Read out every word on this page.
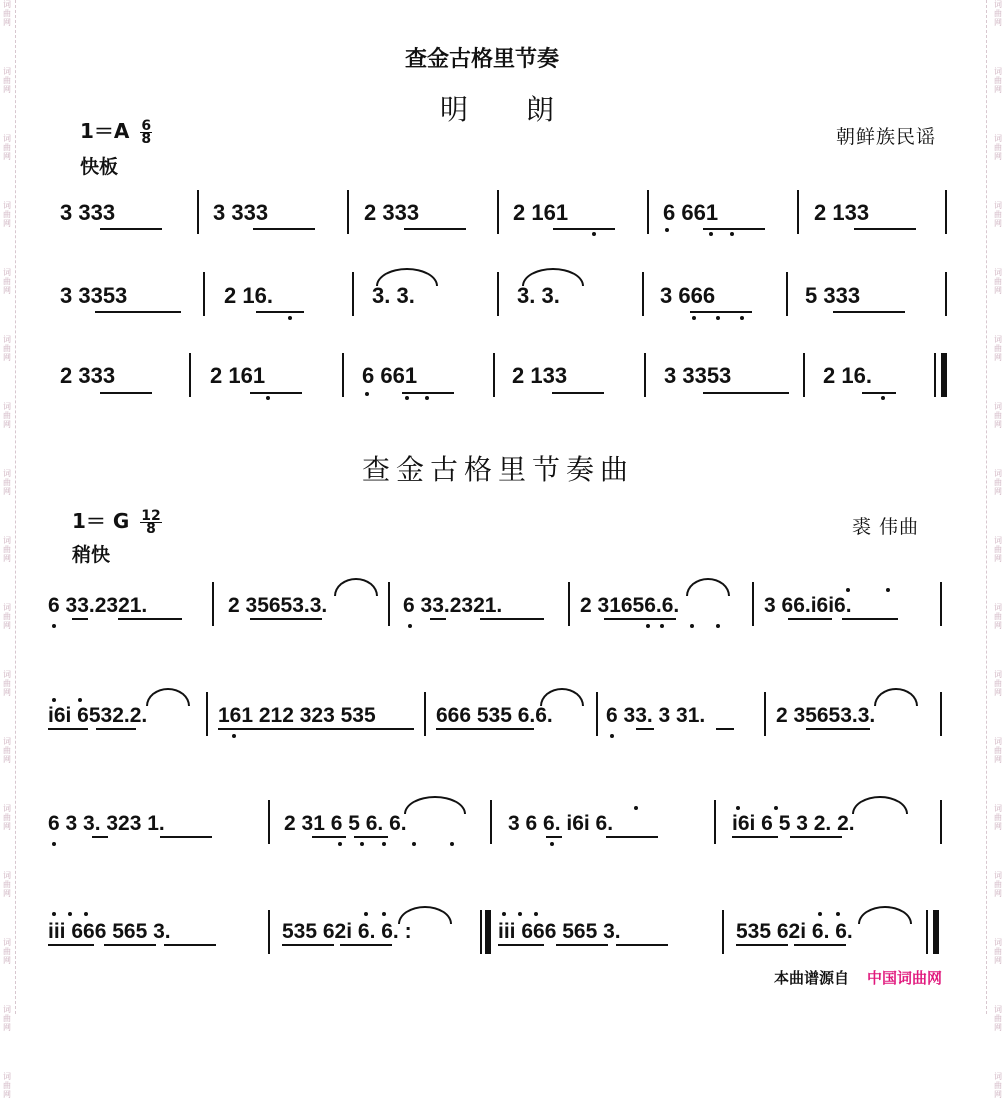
词
曲
网
词
曲
网
词
曲
网
词
曲
网
词
曲
网
词
曲
网
词
曲
网
词
曲
网
词
曲
网
词
曲
网
词
曲
网
词
曲
网
词
曲
网
词
曲
网
词
曲
网
词
曲
网
词
曲
网
词
曲
网
词
曲
网
词
曲
网
词
曲
网
词
曲
网
词
曲
网
词
曲
网
词
曲
网
词
曲
网
词
曲
网
词
曲
网
词
曲
网
词
曲
网
词
曲
网
词
曲
网
词
曲
网
词
曲
网
查金古格里节奏
明朗
$1=A \frac{6}{8}$
快板
朝鲜族民谣
3 333	3 333	2 333	2 161	6 661	2 133
3 3353	2 16.	3. 3.	3. 3.	3 666	5 333
2 333	2 161	6 661	2 133	3 3353	2 16.
查金古格里节奏曲
1＝ G $\frac{12}{8}$
稍快
裘 伟曲
6 33.2321.	2 35653.3.	6 33.2321.	2 31656.6.	3 66.i6i6.
i6i 6532.2.	161 212 323 535	666 535 6.6.	6 33. 3 31.	2 35653.3.
6 3 3. 323 1.	2 31 6 5 6. 6.	3 6 6. i6i 6.	i6i 6 5 3 2. 2.
iii 666 565 3.	535 62i 6. 6. :	iii 666 565 3.	535 62i 6. 6.
本曲谱源自 中国词曲网
